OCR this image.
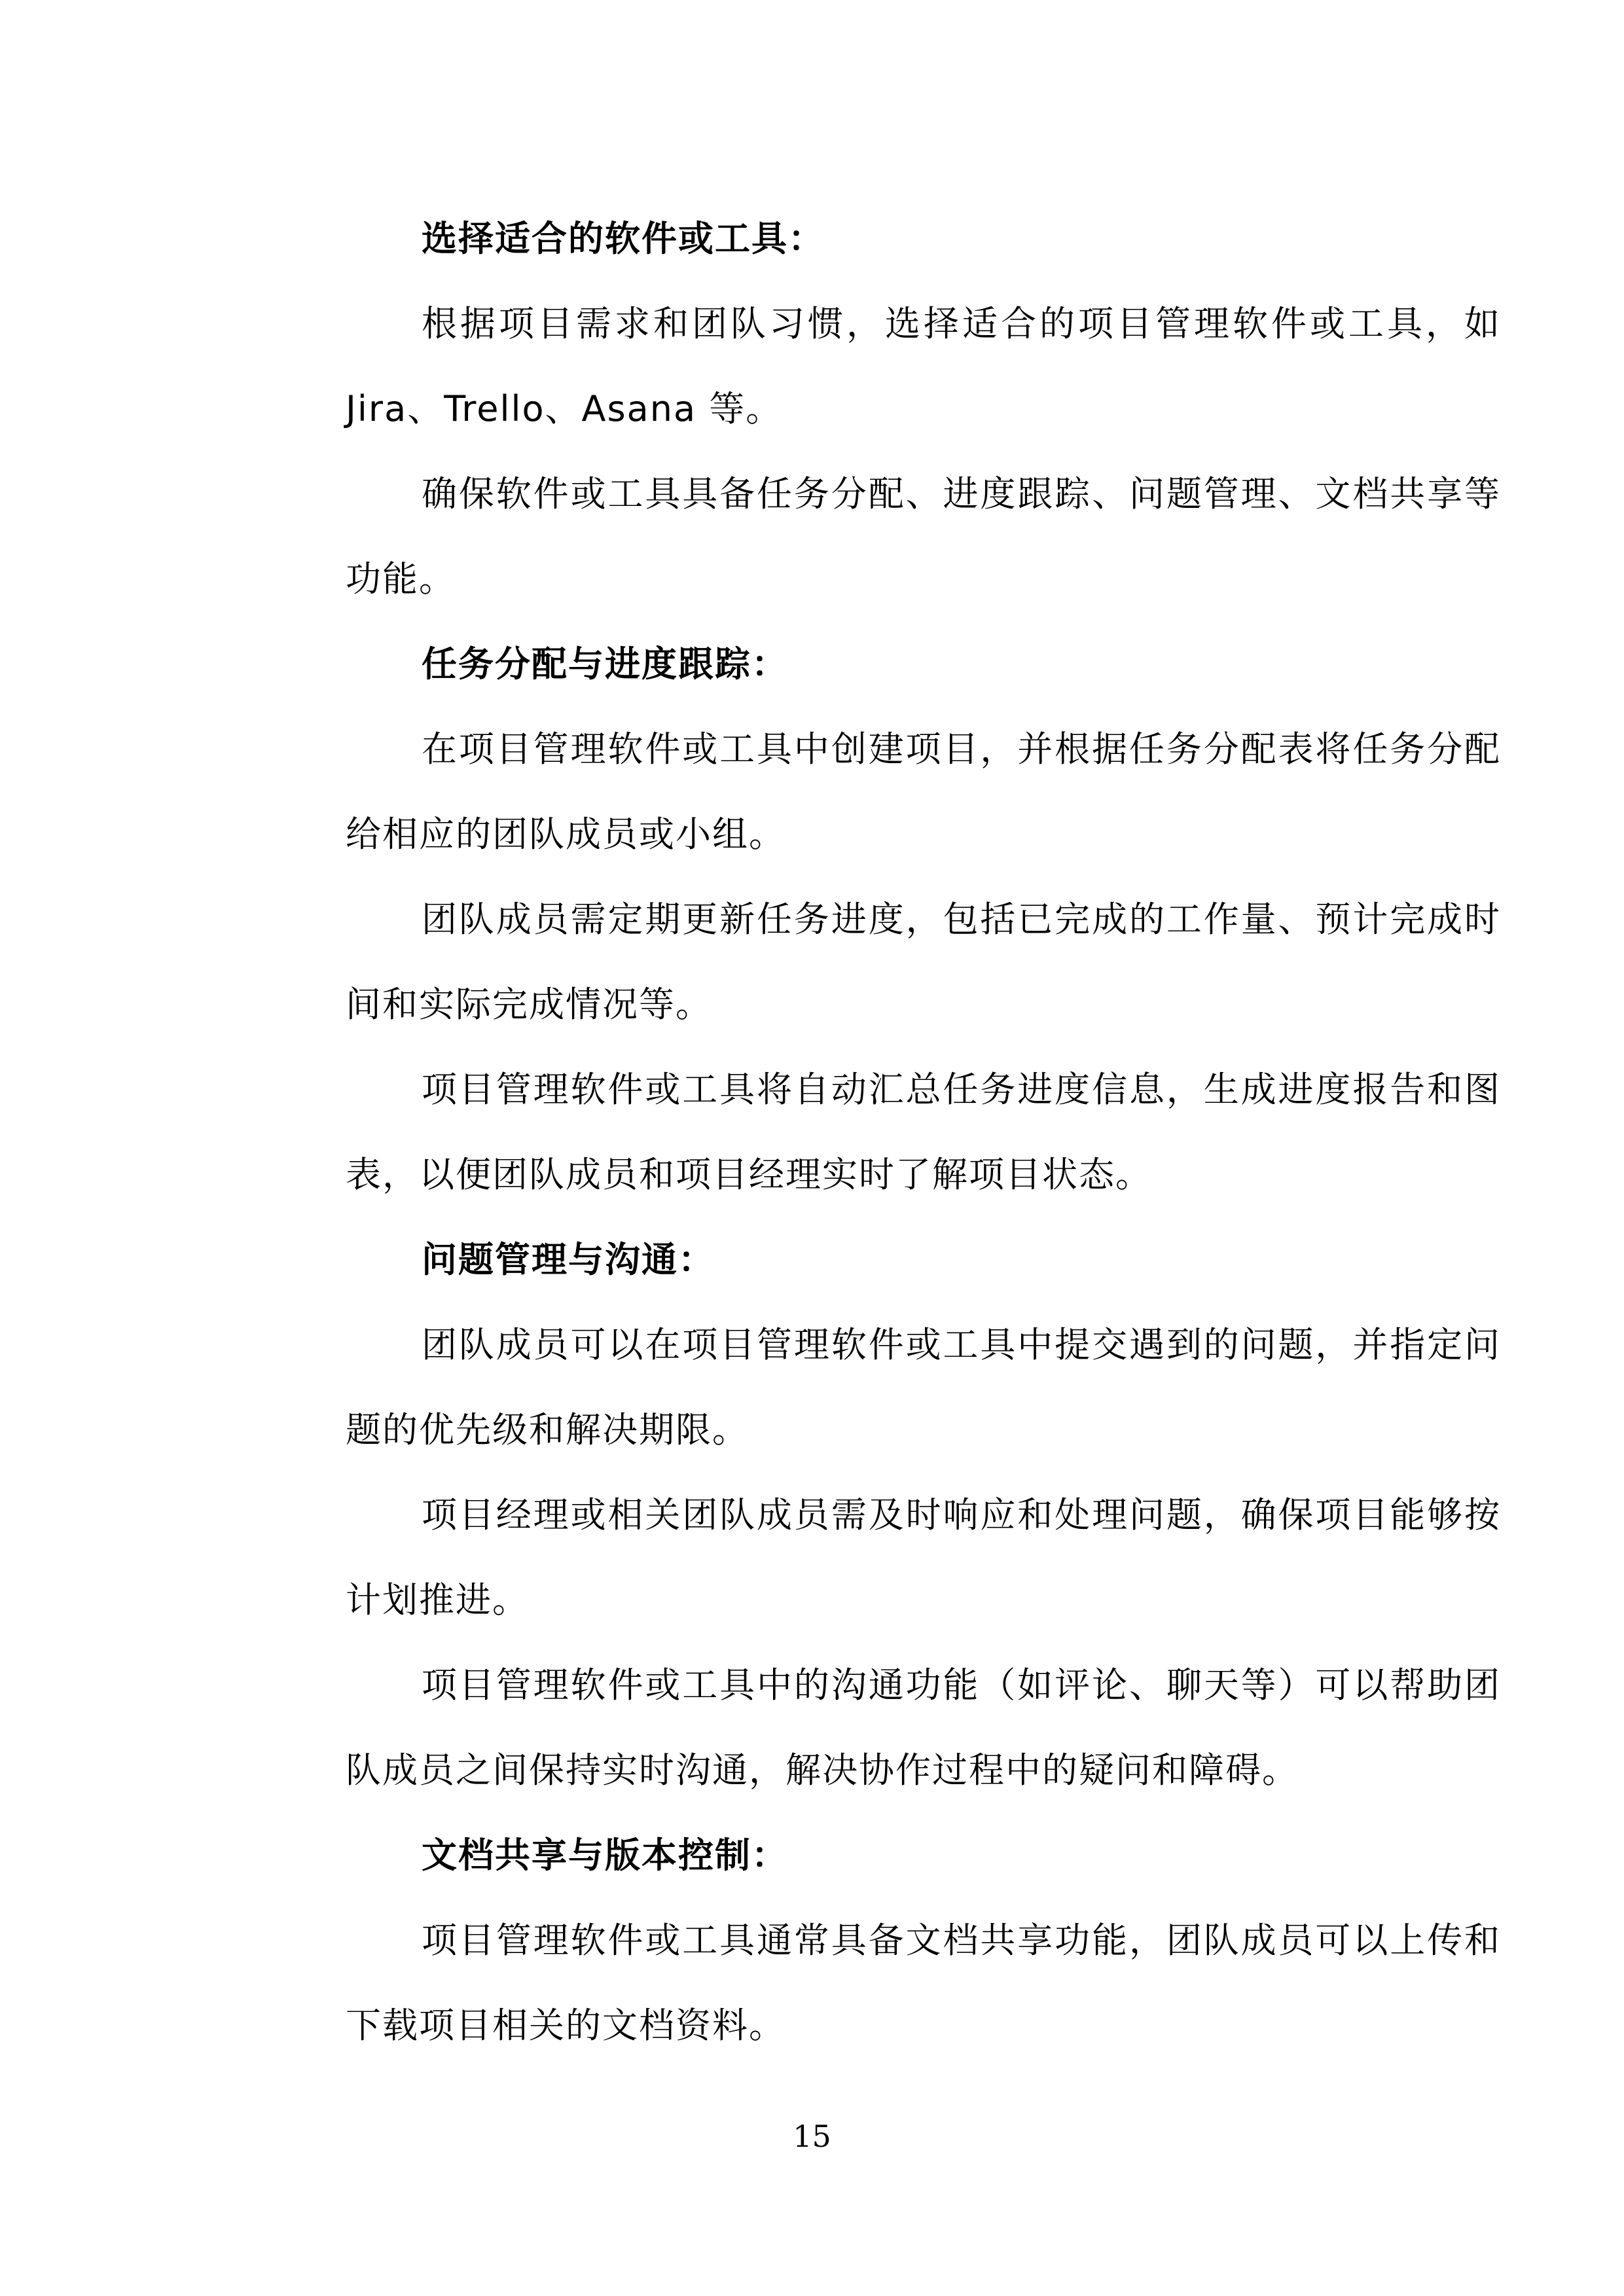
选择适合的软件或工具：

根据项目需求和团队习惯，选择适合的项目管理软件或工具，如Jira、Trello、Asana 等。

确保软件或工具具备任务分配、进度跟踪、问题管理、文档共享等功能。

任务分配与进度跟踪：

在项目管理软件或工具中创建项目，并根据任务分配表将任务分配给相应的团队成员或小组。

团队成员需定期更新任务进度，包括已完成的工作量、预计完成时间和实际完成情况等。

项目管理软件或工具将自动汇总任务进度信息，生成进度报告和图表，以便团队成员和项目经理实时了解项目状态。

问题管理与沟通：

团队成员可以在项目管理软件或工具中提交遇到的问题，并指定问题的优先级和解决期限。

项目经理或相关团队成员需及时响应和处理问题，确保项目能够按计划推进。

项目管理软件或工具中的沟通功能（如评论、聊天等）可以帮助团队成员之间保持实时沟通，解决协作过程中的疑问和障碍。

文档共享与版本控制：

项目管理软件或工具通常具备文档共享功能，团队成员可以上传和下载项目相关的文档资料。

15
